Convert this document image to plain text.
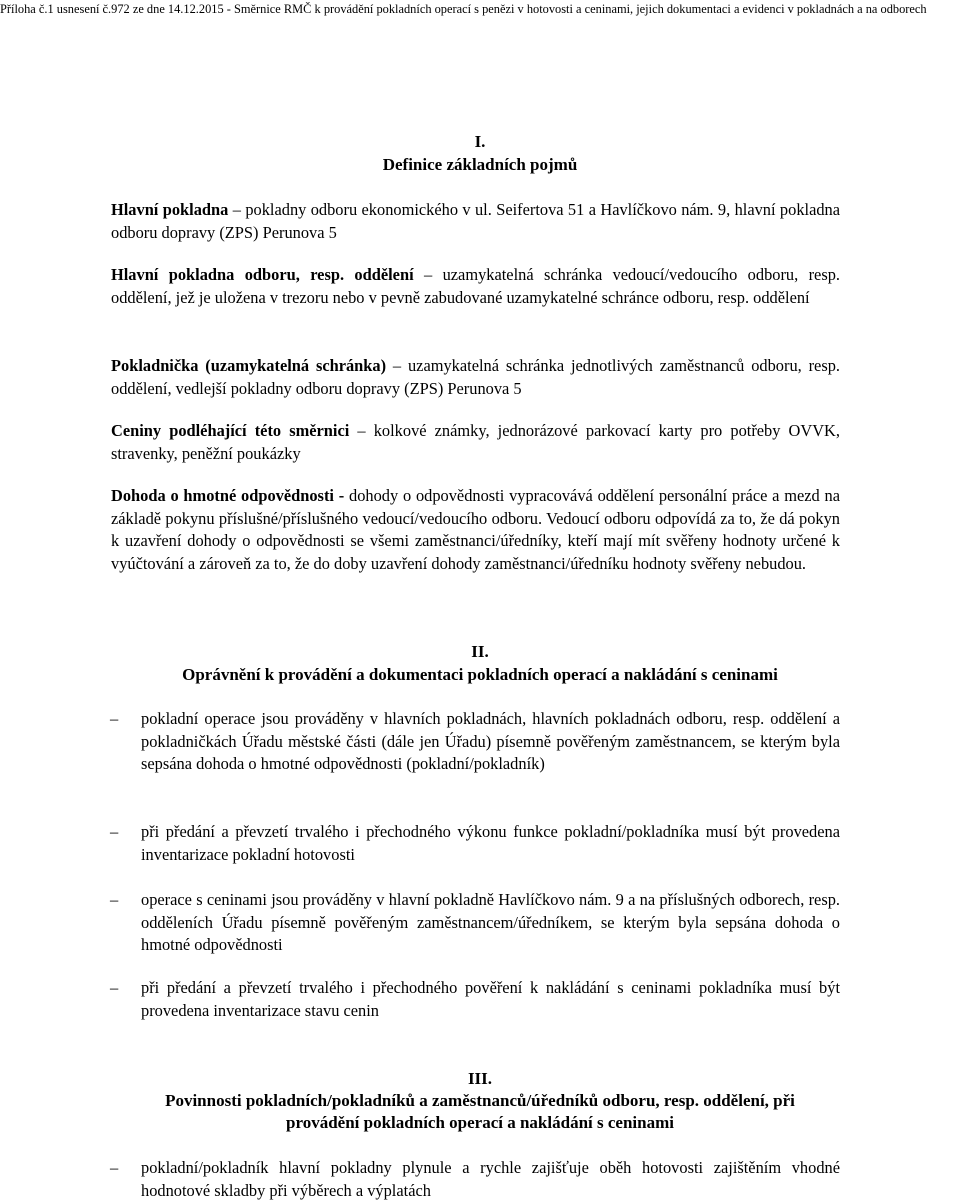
Příloha č.1 usnesení č.972 ze dne 14.12.2015 - Směrnice RMČ k provádění pokladních operací s penězi v hotovosti a ceninami, jejich dokumentaci a evidenci v pokladnách a na odborech
I.
Definice základních pojmů
Hlavní pokladna – pokladny odboru ekonomického v ul. Seifertova 51 a Havlíčkovo nám. 9, hlavní pokladna odboru dopravy (ZPS) Perunova 5
Hlavní pokladna odboru, resp. oddělení – uzamykatelná schránka vedoucí/vedoucího odboru, resp. oddělení, jež je uložena v trezoru nebo v pevně zabudované uzamykatelné schránce odboru, resp. oddělení
Pokladnička (uzamykatelná schránka) – uzamykatelná schránka jednotlivých zaměstnanců odboru, resp. oddělení, vedlejší pokladny odboru dopravy (ZPS) Perunova 5
Ceniny podléhající této směrnici – kolkové známky, jednorázové parkovací karty pro potřeby OVVK, stravenky, peněžní poukázky
Dohoda o hmotné odpovědnosti - dohody o odpovědnosti vypracovává oddělení personální práce a mezd na základě pokynu příslušné/příslušného vedoucí/vedoucího odboru. Vedoucí odboru odpovídá za to, že dá pokyn k uzavření dohody o odpovědnosti se všemi zaměstnanci/úředníky, kteří mají mít svěřeny hodnoty určené k vyúčtování a zároveň za to, že do doby uzavření dohody zaměstnanci/úředníku hodnoty svěřeny nebudou.
II.
Oprávnění k provádění a dokumentaci pokladních operací a nakládání s ceninami
–	pokladní operace jsou prováděny v hlavních pokladnách, hlavních pokladnách odboru, resp. oddělení a pokladničkách Úřadu městské části (dále jen Úřadu) písemně pověřeným zaměstnancem, se kterým byla sepsána dohoda o hmotné odpovědnosti (pokladní/pokladník)
–	při předání a převzetí trvalého i přechodného výkonu funkce pokladní/pokladníka musí být provedena inventarizace pokladní hotovosti
–	operace s ceninami jsou prováděny v hlavní pokladně Havlíčkovo nám. 9 a na příslušných odborech, resp. odděleních Úřadu písemně pověřeným zaměstnancem/úředníkem, se kterým byla sepsána dohoda o hmotné odpovědnosti
–	při předání a převzetí trvalého i přechodného pověření k nakládání s ceninami pokladníka musí být provedena inventarizace stavu cenin
III.
Povinnosti pokladních/pokladníků a zaměstnanců/úředníků odboru, resp. oddělení, při
provádění pokladních operací a nakládání s ceninami
–	pokladní/pokladník hlavní pokladny plynule a rychle zajišťuje oběh hotovosti zajištěním vhodné hodnotové skladby při výběrech a výplatách
